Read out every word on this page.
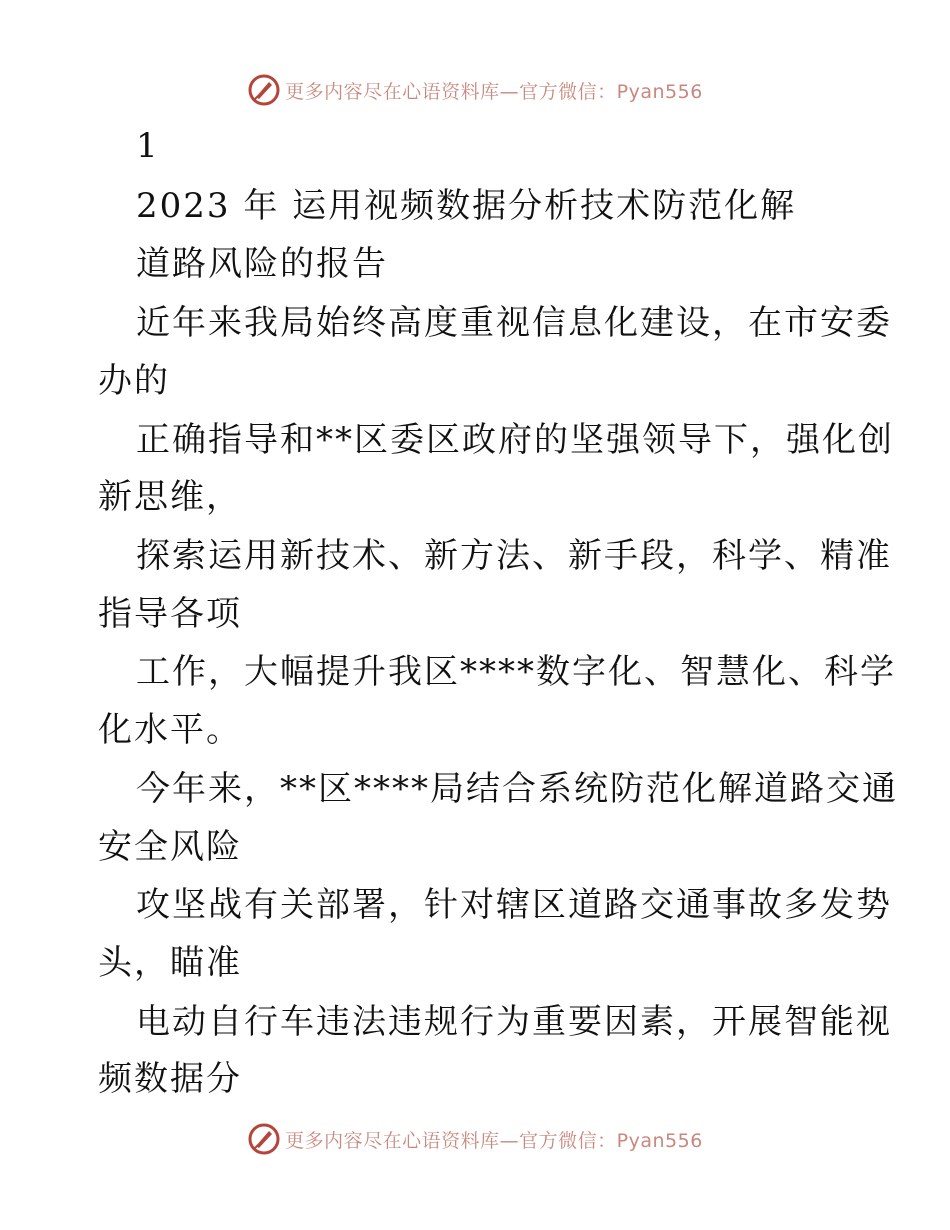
更多内容尽在心语资料库—官方微信：Pyan556
1
2023 年 运用视频数据分析技术防范化解
道路风险的报告
近年来我局始终高度重视信息化建设，在市安委
办的
正确指导和**区委区政府的坚强领导下，强化创
新思维，
探索运用新技术、新方法、新手段，科学、精准
指导各项
工作，大幅提升我区****数字化、智慧化、科学
化水平。
今年来，**区****局结合系统防范化解道路交通
安全风险
攻坚战有关部署，针对辖区道路交通事故多发势
头，瞄准
电动自行车违法违规行为重要因素，开展智能视
频数据分
更多内容尽在心语资料库—官方微信：Pyan556
